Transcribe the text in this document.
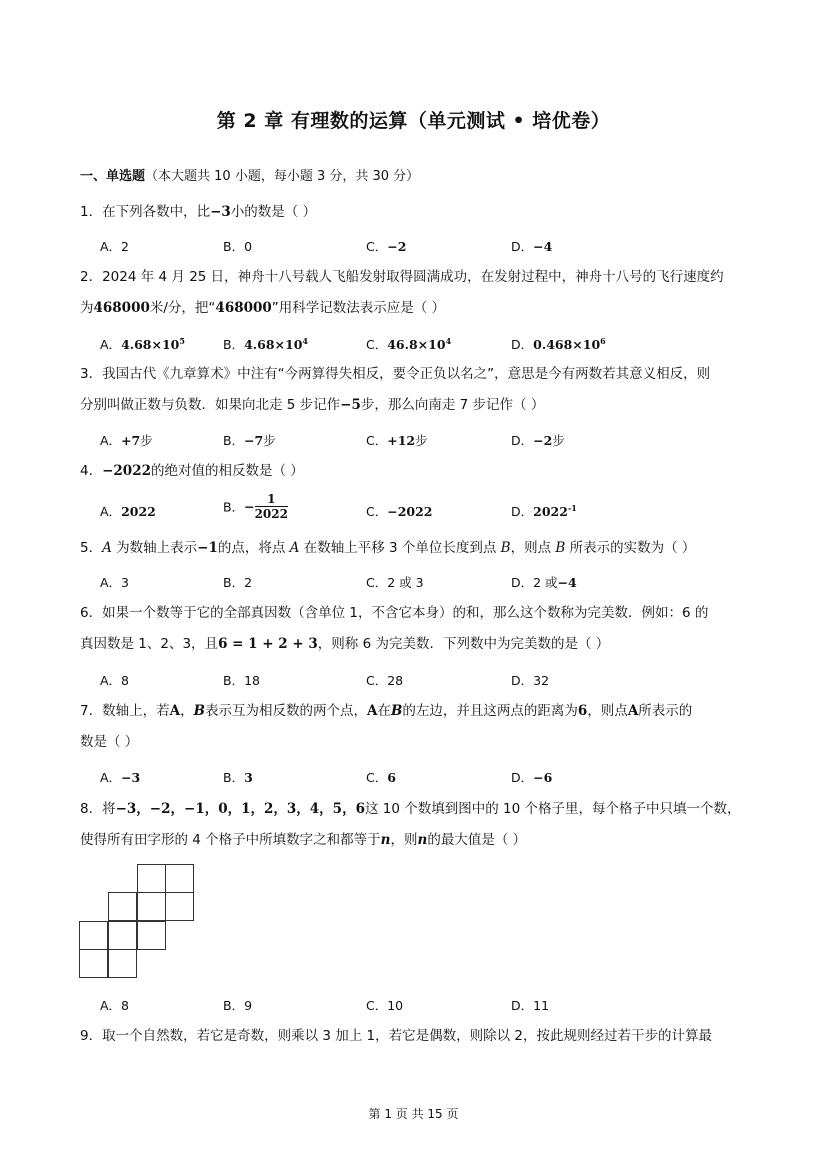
第 2 章 有理数的运算（单元测试 • 培优卷）
一、单选题（本大题共 10 小题，每小题 3 分，共 30 分）
1．在下列各数中，比−3小的数是（ ）
A．2	B．0	C．−2	D．−4
2．2024 年 4 月 25 日，神舟十八号载人飞船发射取得圆满成功，在发射过程中，神舟十八号的飞行速度约
为468000米/分，把“468000”用科学记数法表示应是（ ）
A．$4.68\times 10^5$	B．$4.68\times 10^4$	C．$46.8\times 10^4$	D．$0.468\times 10^6$
3．我国古代《九章算术》中注有“今两算得失相反，要令正负以名之”，意思是今有两数若其意义相反，则
分别叫做正数与负数．如果向北走 5 步记作−5步，那么向南走 7 步记作（ ）
A．+7步	B．−7步	C．+12步	D．−2步
4．−2022的绝对值的相反数是（ ）
A．2022	B．− $\frac{1}{2022}$	C．−2022	D．$2022^{-1}$
5．A 为数轴上表示−1的点，将点 A 在数轴上平移 3 个单位长度到点 B，则点 B 所表示的实数为（ ）
A．3	B．2	C．2 或 3	D．2 或−4
6．如果一个数等于它的全部真因数（含单位 1，不含它本身）的和，那么这个数称为完美数．例如：6 的
真因数是 1、2、3，且6 = 1 + 2 + 3，则称 6 为完美数．下列数中为完美数的是（ ）
A．8	B．18	C．28	D．32
7．数轴上，若A，B表示互为相反数的两个点，A在B的左边，并且这两点的距离为6，则点A所表示的
数是（ ）
A．−3	B．3	C．6	D．−6
8．将−3，−2，−1，0，1，2，3，4，5，6这 10 个数填到图中的 10 个格子里，每个格子中只填一个数，
使得所有田字形的 4 个格子中所填数字之和都等于n，则n的最大值是（ ）
A．8	B．9	C．10	D．11
9．取一个自然数，若它是奇数，则乘以 3 加上 1，若它是偶数，则除以 2，按此规则经过若干步的计算最
第 1 页 共 15 页
